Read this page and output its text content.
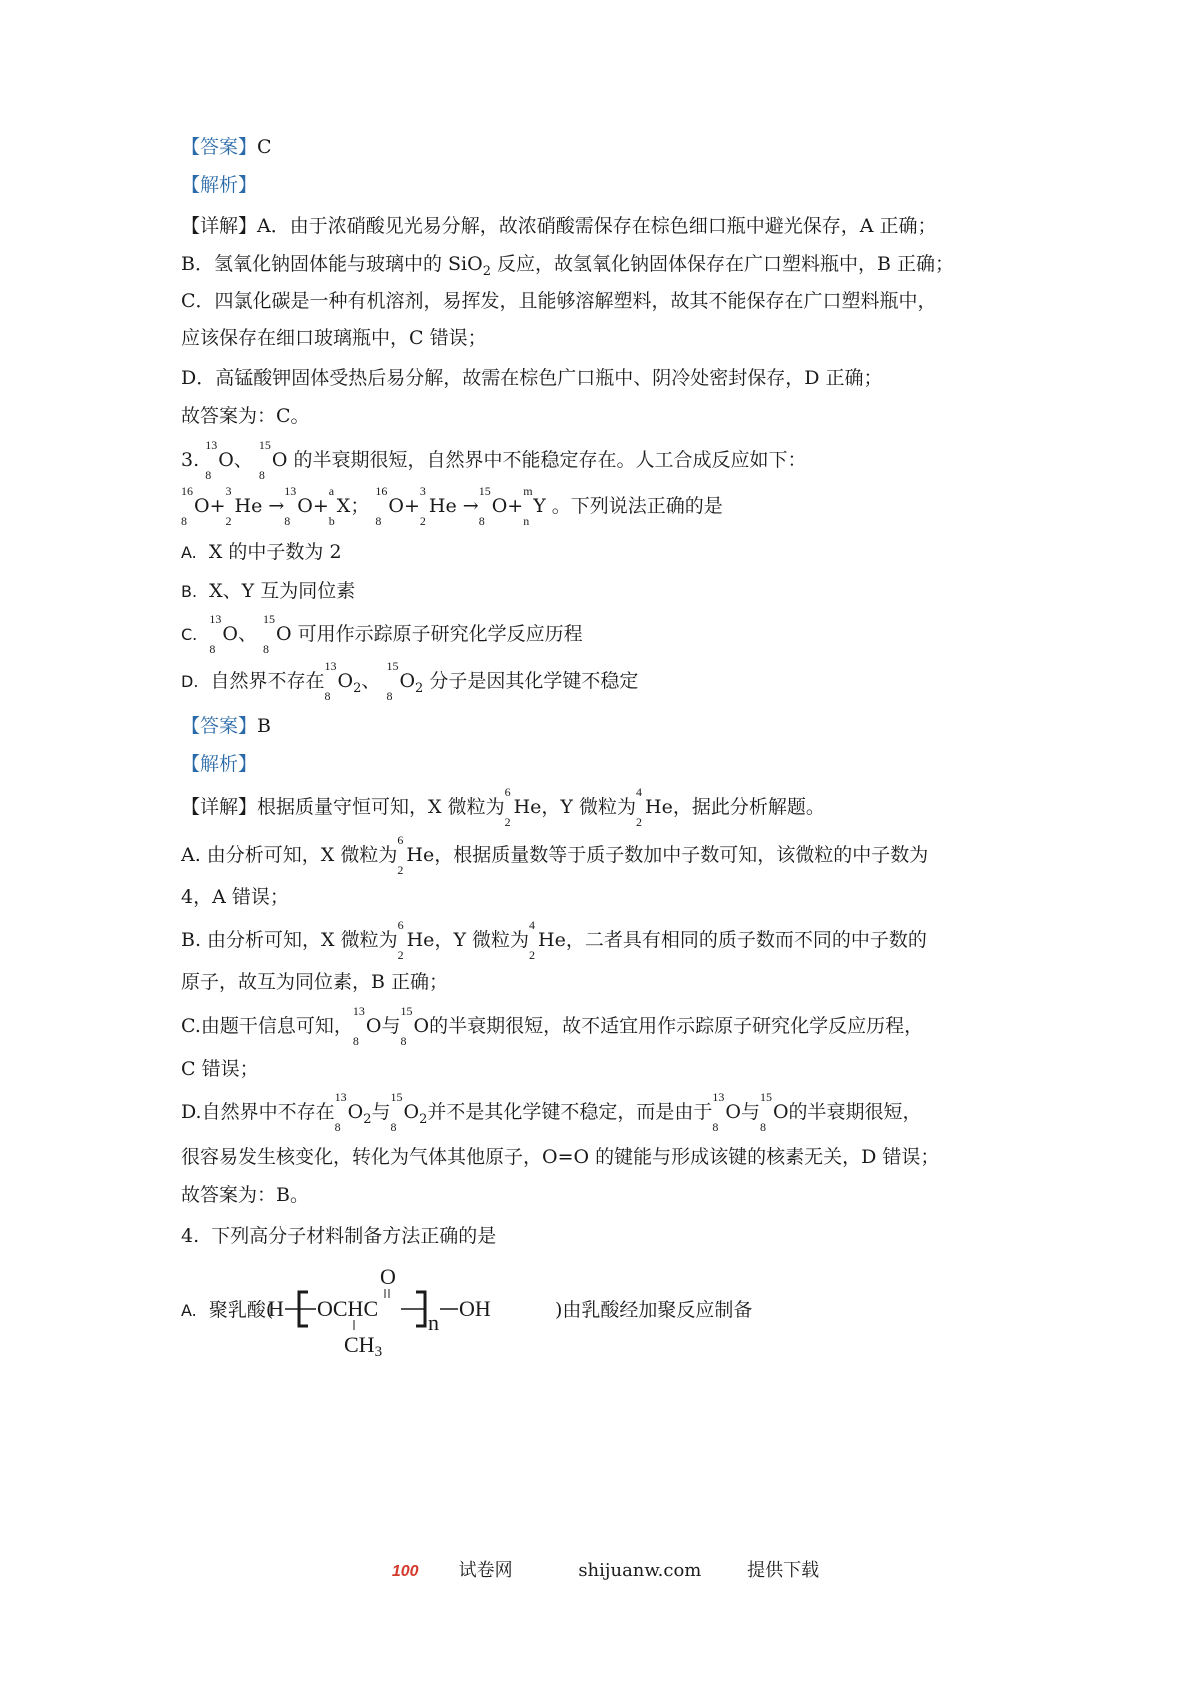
【答案】C
【解析】
【详解】A．由于浓硝酸见光易分解，故浓硝酸需保存在棕色细口瓶中避光保存，A 正确；
B．氢氧化钠固体能与玻璃中的 SiO$_2$ 反应，故氢氧化钠固体保存在广口塑料瓶中，B 正确；
C．四氯化碳是一种有机溶剂，易挥发，且能够溶解塑料，故其不能保存在广口塑料瓶中，
应该保存在细口玻璃瓶中，C 错误；
D．高锰酸钾固体受热后易分解，故需在棕色广口瓶中、阴冷处密封保存，D 正确；
故答案为：C。
3.
13
8
O、
15
8
O 的半衰期很短，自然界中不能稳定存在。人工合成反应如下：
16
8
O+
3
2
He →
13
8
O+
a
b
X；
16
8
O+
3
2
He →
15
8
O+
m
n
Y 。下列说法正确的是
A. X 的中子数为 2
B. X、Y 互为同位素
C.
13
8
O、
15
8
O 可用作示踪原子研究化学反应历程
D. 自然界不存在
13
8
$O_2$、
15
8
$O_2$ 分子是因其化学键不稳定
【答案】B
【解析】
【详解】根据质量守恒可知，X 微粒为
6
2
He，Y 微粒为
4
2
He，据此分析解题。
A. 由分析可知，X 微粒为
6
2
He，根据质量数等于质子数加中子数可知，该微粒的中子数为
4，A 错误；
B. 由分析可知，X 微粒为
6
2
He，Y 微粒为
4
2
He，二者具有相同的质子数而不同的中子数的
原子，故互为同位素，B 正确；
C.由题干信息可知，
13
8
O与
15
8
O的半衰期很短，故不适宜用作示踪原子研究化学反应历程，
C 错误；
D.自然界中不存在
13
8
$O_2$与
15
8
$O_2$并不是其化学键不稳定，而是由于
13
8
O与
15
8
O的半衰期很短，
很容易发生核变化，转化为气体其他原子，O=O 的键能与形成该键的核素无关，D 错误；
故答案为：B。
4. 下列高分子材料制备方法正确的是
A. 聚乳酸(
H OCHC
O
CH3
n
OH	)由乳酸经加聚反应制备
100 试卷网	shijuanw.com	提供下载
